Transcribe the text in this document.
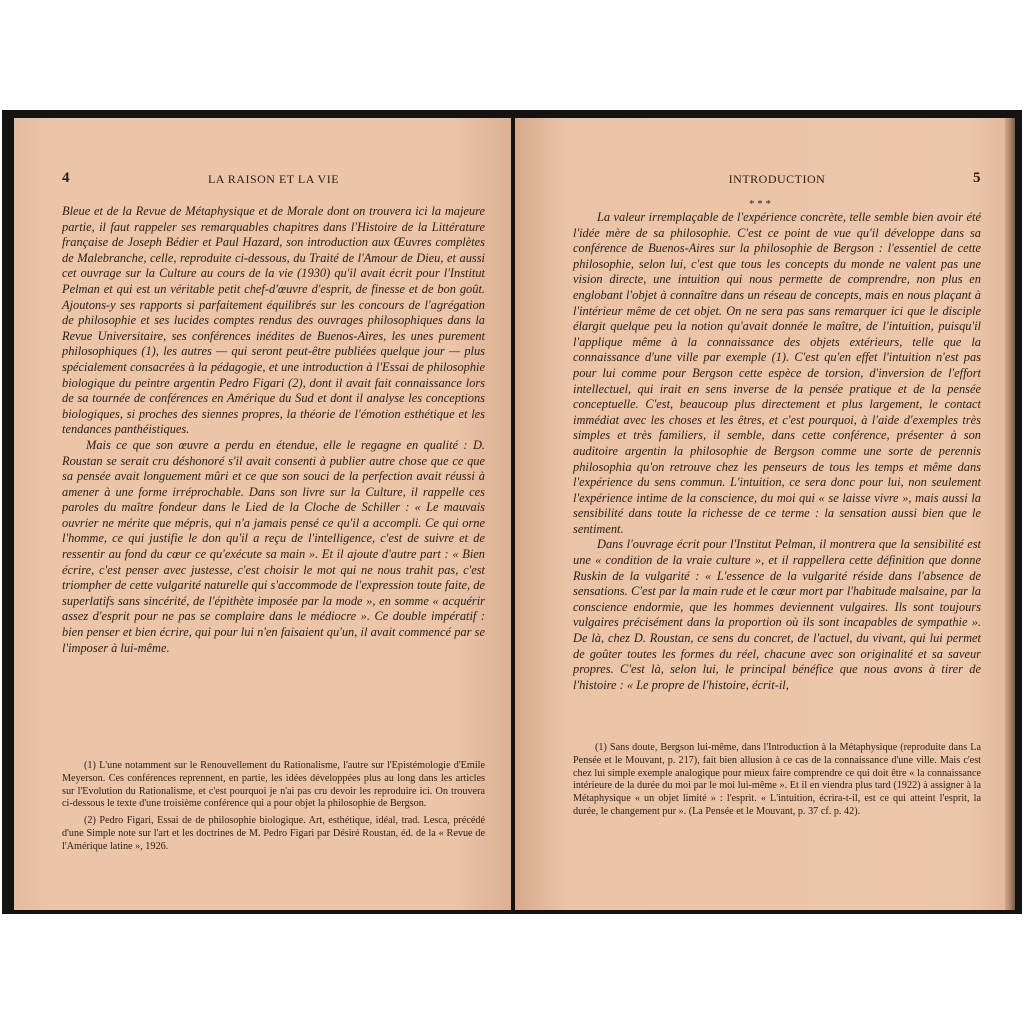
4	LA RAISON ET LA VIE

Bleue et de la Revue de Métaphysique et de Morale dont on trouvera ici la majeure partie, il faut rappeler ses remarquables chapitres dans l'Histoire de la Littérature française de Joseph Bédier et Paul Hazard, son introduction aux Œuvres complètes de Malebranche, celle, reproduite ci-dessous, du Traité de l'Amour de Dieu, et aussi cet ouvrage sur la Culture au cours de la vie (1930) qu'il avait écrit pour l'Institut Pelman et qui est un véritable petit chef-d'œuvre d'esprit, de finesse et de bon goût. Ajoutons-y ses rapports si parfaitement équilibrés sur les concours de l'agrégation de philosophie et ses lucides comptes rendus des ouvrages philosophiques dans la Revue Universitaire, ses conférences inédites de Buenos-Aires, les unes purement philosophiques (1), les autres — qui seront peut-être publiées quelque jour — plus spécialement consacrées à la pédagogie, et une introduction à l'Essai de philosophie biologique du peintre argentin Pedro Figari (2), dont il avait fait connaissance lors de sa tournée de conférences en Amérique du Sud et dont il analyse les conceptions biologiques, si proches des siennes propres, la théorie de l'émotion esthétique et les tendances panthéistiques.

Mais ce que son œuvre a perdu en étendue, elle le regagne en qualité : D. Roustan se serait cru déshonoré s'il avait consenti à publier autre chose que ce que sa pensée avait longuement mûri et ce que son souci de la perfection avait réussi à amener à une forme irréprochable. Dans son livre sur la Culture, il rappelle ces paroles du maître fondeur dans le Lied de la Cloche de Schiller : « Le mauvais ouvrier ne mérite que mépris, qui n'a jamais pensé ce qu'il a accompli. Ce qui orne l'homme, ce qui justifie le don qu'il a reçu de l'intelligence, c'est de suivre et de ressentir au fond du cœur ce qu'exécute sa main ». Et il ajoute d'autre part : « Bien écrire, c'est penser avec justesse, c'est choisir le mot qui ne nous trahit pas, c'est triompher de cette vulgarité naturelle qui s'accommode de l'expression toute faite, de superlatifs sans sincérité, de l'épithète imposée par la mode », en somme « acquérir assez d'esprit pour ne pas se complaire dans le médiocre ». Ce double impératif : bien penser et bien écrire, qui pour lui n'en faisaient qu'un, il avait commencé par se l'imposer à lui-même.

(1) L'une notamment sur le Renouvellement du Rationalisme, l'autre sur l'Epistémologie d'Emile Meyerson. Ces conférences reprennent, en partie, les idées développées plus au long dans les articles sur l'Evolution du Rationalisme, et c'est pourquoi je n'ai pas cru devoir les reproduire ici. On trouvera ci-dessous le texte d'une troisième conférence qui a pour objet la philosophie de Bergson.

(2) Pedro Figari, Essai de de philosophie biologique. Art, esthétique, idéal, trad. Lesca, précédé d'une Simple note sur l'art et les doctrines de M. Pedro Figari par Désiré Roustan, éd. de la « Revue de l'Amérique latine », 1926.

INTRODUCTION	5
* * *

La valeur irremplaçable de l'expérience concrète, telle semble bien avoir été l'idée mère de sa philosophie. C'est ce point de vue qu'il développe dans sa conférence de Buenos-Aires sur la philosophie de Bergson : l'essentiel de cette philosophie, selon lui, c'est que tous les concepts du monde ne valent pas une vision directe, une intuition qui nous permette de comprendre, non plus en englobant l'objet à connaître dans un réseau de concepts, mais en nous plaçant à l'intérieur même de cet objet. On ne sera pas sans remarquer ici que le disciple élargit quelque peu la notion qu'avait donnée le maître, de l'intuition, puisqu'il l'applique même à la connaissance des objets extérieurs, telle que la connaissance d'une ville par exemple (1). C'est qu'en effet l'intuition n'est pas pour lui comme pour Bergson cette espèce de torsion, d'inversion de l'effort intellectuel, qui irait en sens inverse de la pensée pratique et de la pensée conceptuelle. C'est, beaucoup plus directement et plus largement, le contact immédiat avec les choses et les êtres, et c'est pourquoi, à l'aide d'exemples très simples et très familiers, il semble, dans cette conférence, présenter à son auditoire argentin la philosophie de Bergson comme une sorte de perennis philosophia qu'on retrouve chez les penseurs de tous les temps et même dans l'expérience du sens commun. L'intuition, ce sera donc pour lui, non seulement l'expérience intime de la conscience, du moi qui « se laisse vivre », mais aussi la sensibilité dans toute la richesse de ce terme : la sensation aussi bien que le sentiment.

Dans l'ouvrage écrit pour l'Institut Pelman, il montrera que la sensibilité est une « condition de la vraie culture », et il rappellera cette définition que donne Ruskin de la vulgarité : « L'essence de la vulgarité réside dans l'absence de sensations. C'est par la main rude et le cœur mort par l'habitude malsaine, par la conscience endormie, que les hommes deviennent vulgaires. Ils sont toujours vulgaires précisément dans la proportion où ils sont incapables de sympathie ». De là, chez D. Roustan, ce sens du concret, de l'actuel, du vivant, qui lui permet de goûter toutes les formes du réel, chacune avec son originalité et sa saveur propres. C'est là, selon lui, le principal bénéfice que nous avons à tirer de l'histoire : « Le propre de l'histoire, écrit-il,

(1) Sans doute, Bergson lui-même, dans l'Introduction à la Métaphysique (reproduite dans La Pensée et le Mouvant, p. 217), fait bien allusion à ce cas de la connaissance d'une ville. Mais c'est chez lui simple exemple analogique pour mieux faire comprendre ce qui doit être « la connaissance intérieure de la durée du moi par le moi lui-même ». Et il en viendra plus tard (1922) à assigner à la Métaphysique « un objet limité » : l'esprit. « L'intuition, écrira-t-il, est ce qui atteint l'esprit, la durée, le changement pur ». (La Pensée et le Mouvant, p. 37 cf. p. 42).
